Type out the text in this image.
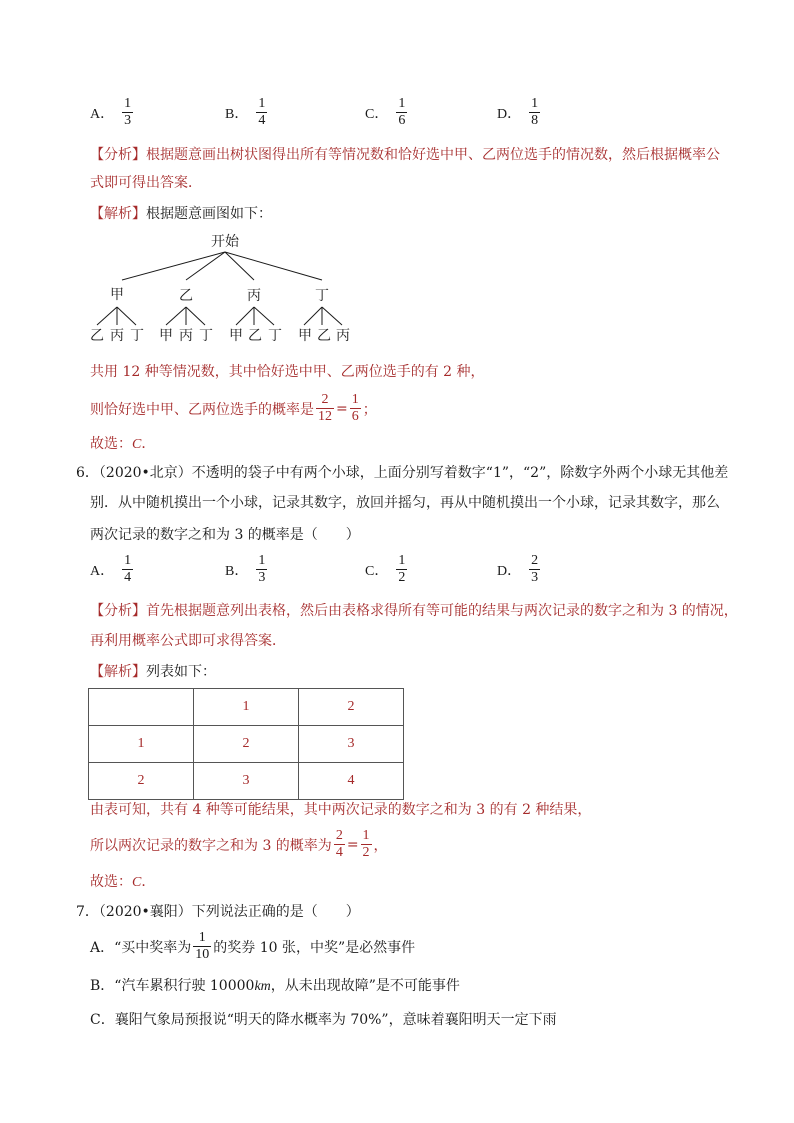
A． $\frac{1}{3}$	B． $\frac{1}{4}$	C． $\frac{1}{6}$	D． $\frac{1}{8}$
【分析】根据题意画出树状图得出所有等情况数和恰好选中甲、乙两位选手的情况数，然后根据概率公
式即可得出答案．
【解析】根据题意画图如下：
开始
甲	乙	丙	丁
乙 丙 丁 甲 丙 丁 甲 乙 丁 甲 乙 丙
共用 12 种等情况数，其中恰好选中甲、乙两位选手的有 2 种，
则恰好选中甲、乙两位选手的概率是 $\frac{2}{12} = \frac{1}{6}$ ；
故选：C．
6．（2020•北京）不透明的袋子中有两个小球，上面分别写着数字“1”，“2”，除数字外两个小球无其他差
别．从中随机摸出一个小球，记录其数字，放回并摇匀，再从中随机摸出一个小球，记录其数字，那么
两次记录的数字之和为 3 的概率是（　　）
A． $\frac{1}{4}$	B． $\frac{1}{3}$	C． $\frac{1}{2}$	D． $\frac{2}{3}$
【分析】首先根据题意列出表格，然后由表格求得所有等可能的结果与两次记录的数字之和为 3 的情况，
再利用概率公式即可求得答案．
【解析】列表如下：
	1	2
1	2	3
2	3	4
由表可知，共有 4 种等可能结果，其中两次记录的数字之和为 3 的有 2 种结果，
所以两次记录的数字之和为 3 的概率为 $\frac{2}{4} = \frac{1}{2}$ ，
故选：C．
7．（2020•襄阳）下列说法正确的是（　　）
A．“买中奖率为 $\frac{1}{10}$ 的奖券 10 张，中奖”是必然事件
B．“汽车累积行驶 10000km，从未出现故障”是不可能事件
C．襄阳气象局预报说“明天的降水概率为 70%”，意味着襄阳明天一定下雨
